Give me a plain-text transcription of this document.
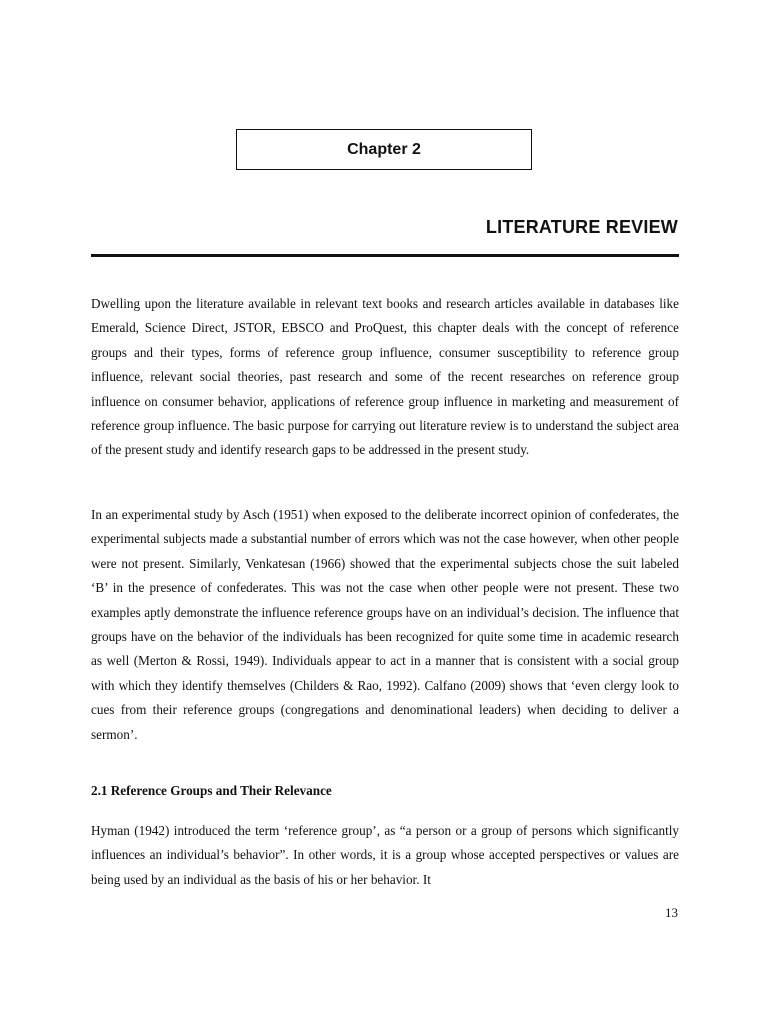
Chapter 2
LITERATURE REVIEW

Dwelling upon the literature available in relevant text books and research articles available in databases like Emerald, Science Direct, JSTOR, EBSCO and ProQuest, this chapter deals with the concept of reference groups and their types, forms of reference group influence, consumer susceptibility to reference group influence, relevant social theories, past research and some of the recent researches on reference group influence on consumer behavior, applications of reference group influence in marketing and measurement of reference group influence. The basic purpose for carrying out literature review is to understand the subject area of the present study and identify research gaps to be addressed in the present study.

In an experimental study by Asch (1951) when exposed to the deliberate incorrect opinion of confederates, the experimental subjects made a substantial number of errors which was not the case however, when other people were not present. Similarly, Venkatesan (1966) showed that the experimental subjects chose the suit labeled ‘B’ in the presence of confederates. This was not the case when other people were not present. These two examples aptly demonstrate the influence reference groups have on an individual’s decision. The influence that groups have on the behavior of the individuals has been recognized for quite some time in academic research as well (Merton & Rossi, 1949). Individuals appear to act in a manner that is consistent with a social group with which they identify themselves (Childers & Rao, 1992). Calfano (2009) shows that ‘even clergy look to cues from their reference groups (congregations and denominational leaders) when deciding to deliver a sermon’.

2.1 Reference Groups and Their Relevance

Hyman (1942) introduced the term ‘reference group’, as “a person or a group of persons which significantly influences an individual’s behavior”. In other words, it is a group whose accepted perspectives or values are being used by an individual as the basis of his or her behavior. It

13
